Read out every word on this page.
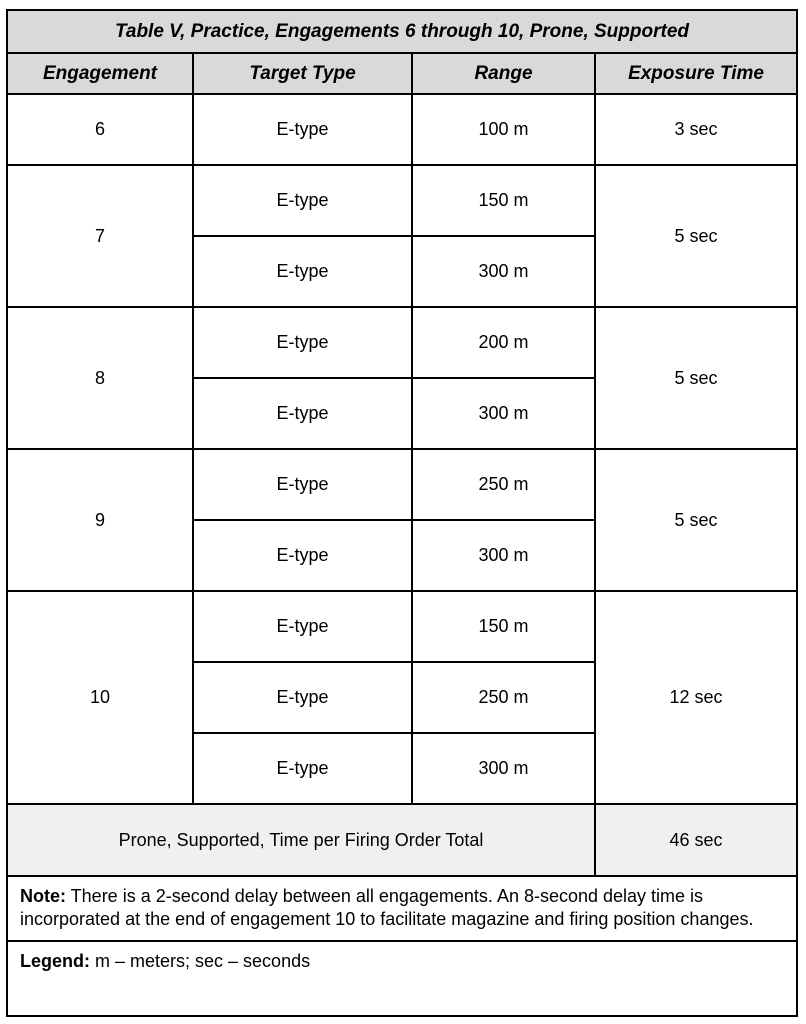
Table V, Practice, Engagements 6 through 10, Prone, Supported			
Engagement	Target Type	Range	Exposure Time
6	E-type	100 m	3 sec
7	E-type	150 m	5 sec
	E-type	300 m	
8	E-type	200 m	5 sec
	E-type	300 m	
9	E-type	250 m	5 sec
	E-type	300 m	
10	E-type	150 m	12 sec
	E-type	250 m	
	E-type	300 m	
Prone, Supported, Time per Firing Order Total			46 sec
Note: There is a 2-second delay between all engagements. An 8-second delay time is incorporated at the end of engagement 10 to facilitate magazine and firing position changes.			
Legend: m – meters; sec – seconds			
